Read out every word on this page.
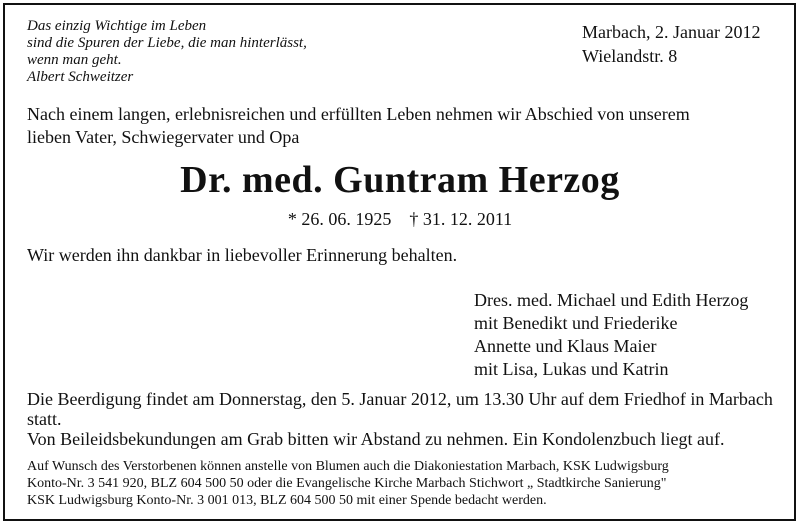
Das einzig Wichtige im Leben
sind die Spuren der Liebe, die man hinterlässt,
wenn man geht.
Albert Schweitzer
Marbach, 2. Januar 2012
Wielandstr. 8
Nach einem langen, erlebnisreichen und erfüllten Leben nehmen wir Abschied von unserem
lieben Vater, Schwiegervater und Opa
Dr. med. Guntram Herzog
* 26. 06. 1925 † 31. 12. 2011
Wir werden ihn dankbar in liebevoller Erinnerung behalten.
Dres. med. Michael und Edith Herzog
mit Benedikt und Friederike
Annette und Klaus Maier
mit Lisa, Lukas und Katrin
Die Beerdigung findet am Donnerstag, den 5. Januar 2012, um 13.30 Uhr auf dem Friedhof in Marbach
statt.
Von Beileidsbekundungen am Grab bitten wir Abstand zu nehmen. Ein Kondolenzbuch liegt auf.
Auf Wunsch des Verstorbenen können anstelle von Blumen auch die Diakoniestation Marbach, KSK Ludwigsburg
Konto-Nr. 3 541 920, BLZ 604 500 50 oder die Evangelische Kirche Marbach Stichwort „ Stadtkirche Sanierung"
KSK Ludwigsburg Konto-Nr. 3 001 013, BLZ 604 500 50 mit einer Spende bedacht werden.
